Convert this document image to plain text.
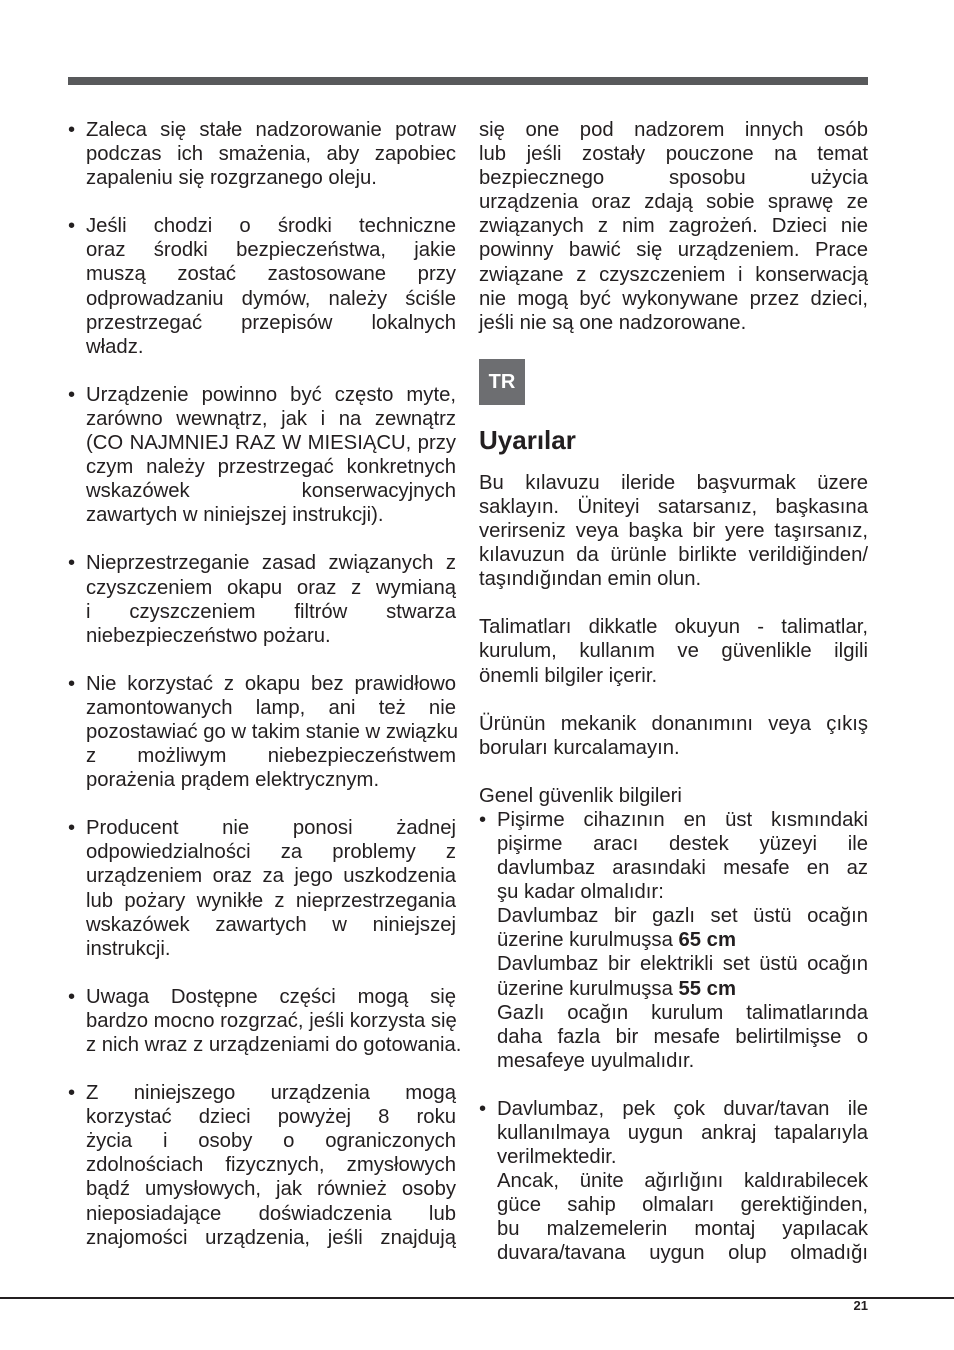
• Zaleca się stałe nadzorowanie potraw
podczas ich smażenia, aby zapobiec
zapaleniu się rozgrzanego oleju.
• Jeśli chodzi o środki techniczne
oraz środki bezpieczeństwa, jakie
muszą zostać zastosowane przy
odprowadzaniu dymów, należy ściśle
przestrzegać przepisów lokalnych
władz.
• Urządzenie powinno być często myte,
zarówno wewnątrz, jak i na zewnątrz
(CO NAJMNIEJ RAZ W MIESIĄCU, przy
czym należy przestrzegać konkretnych
wskazówek konserwacyjnych
zawartych w niniejszej instrukcji).
• Nieprzestrzeganie zasad związanych z
czyszczeniem okapu oraz z wymianą
i czyszczeniem filtrów stwarza
niebezpieczeństwo pożaru.
• Nie korzystać z okapu bez prawidłowo
zamontowanych lamp, ani też nie
pozostawiać go w takim stanie w związku
z możliwym niebezpieczeństwem
porażenia prądem elektrycznym.
• Producent nie ponosi żadnej
odpowiedzialności za problemy z
urządzeniem oraz za jego uszkodzenia
lub pożary wynikłe z nieprzestrzegania
wskazówek zawartych w niniejszej
instrukcji.
• Uwaga Dostępne części mogą się
bardzo mocno rozgrzać, jeśli korzysta się
z nich wraz z urządzeniami do gotowania.
• Z niniejszego urządzenia mogą
korzystać dzieci powyżej 8 roku
życia i osoby o ograniczonych
zdolnościach fizycznych, zmysłowych
bądź umysłowych, jak również osoby
nieposiadające doświadczenia lub
znajomości urządzenia, jeśli znajdują
się one pod nadzorem innych osób
lub jeśli zostały pouczone na temat
bezpiecznego sposobu użycia
urządzenia oraz zdają sobie sprawę ze
związanych z nim zagrożeń. Dzieci nie
powinny bawić się urządzeniem. Prace
związane z czyszczeniem i konserwacją
nie mogą być wykonywane przez dzieci,
jeśli nie są one nadzorowane.
TR
Uyarılar
Bu kılavuzu ileride başvurmak üzere
saklayın. Üniteyi satarsanız, başkasına
verirseniz veya başka bir yere taşırsanız,
kılavuzun da ürünle birlikte verildiğinden/
taşındığından emin olun.
Talimatları dikkatle okuyun - talimatlar,
kurulum, kullanım ve güvenlikle ilgili
önemli bilgiler içerir.
Ürünün mekanik donanımını veya çıkış
boruları kurcalamayın.
Genel güvenlik bilgileri
• Pişirme cihazının en üst kısmındaki
pişirme aracı destek yüzeyi ile
davlumbaz arasındaki mesafe en az
şu kadar olmalıdır:
Davlumbaz bir gazlı set üstü ocağın
üzerine kurulmuşsa 65 cm
Davlumbaz bir elektrikli set üstü ocağın
üzerine kurulmuşsa 55 cm
Gazlı ocağın kurulum talimatlarında
daha fazla bir mesafe belirtilmişse o
mesafeye uyulmalıdır.
• Davlumbaz, pek çok duvar/tavan ile
kullanılmaya uygun ankraj tapalarıyla
verilmektedir.
Ancak, ünite ağırlığını kaldırabilecek
güce sahip olmaları gerektiğinden,
bu malzemelerin montaj yapılacak
duvara/tavana uygun olup olmadığı
21
